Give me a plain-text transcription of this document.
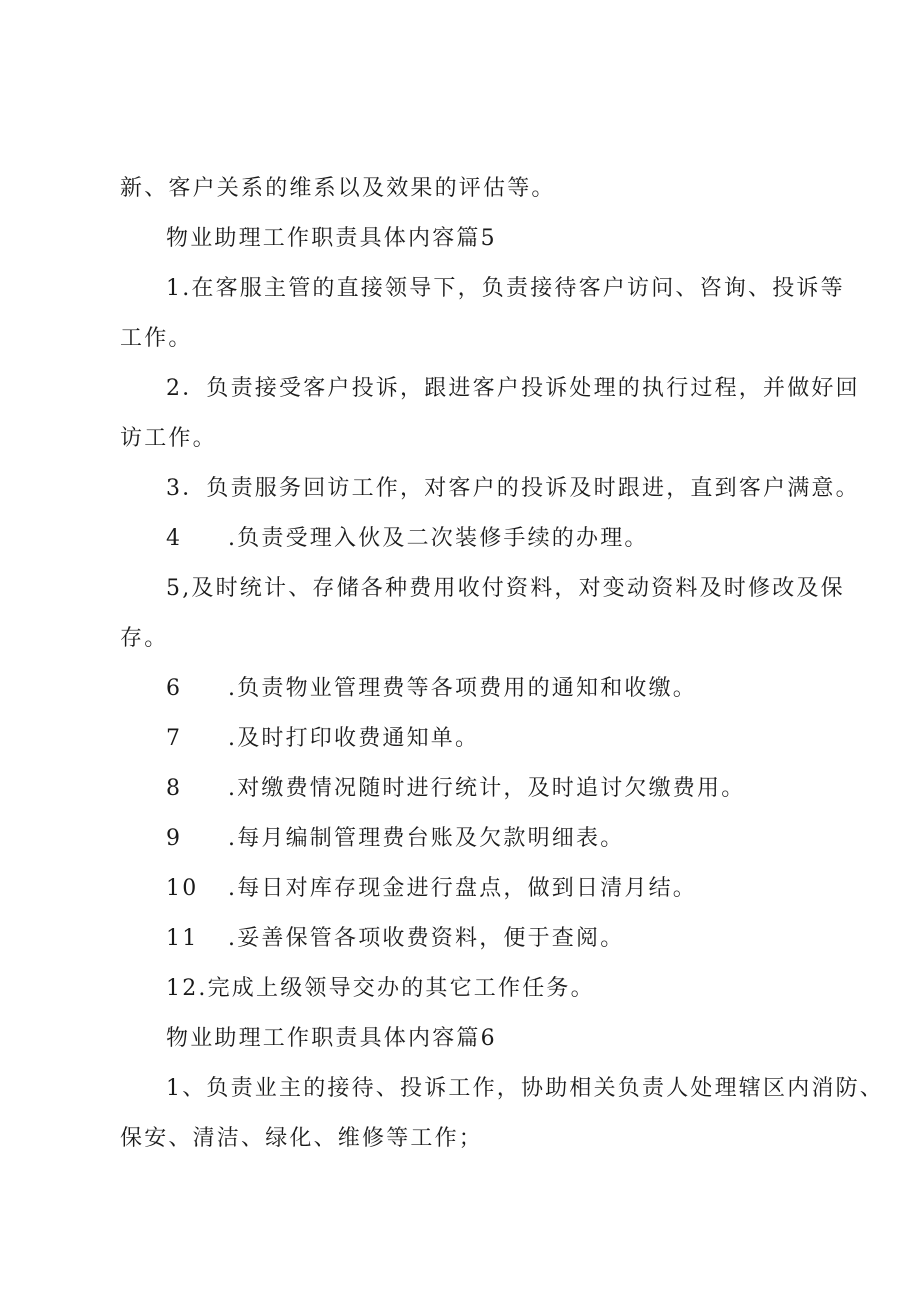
新、客户关系的维系以及效果的评估等。
物业助理工作职责具体内容篇5
1.在客服主管的直接领导下，负责接待客户访问、咨询、投诉等
工作。
2．负责接受客户投诉，跟进客户投诉处理的执行过程，并做好回
访工作。
3．负责服务回访工作，对客户的投诉及时跟进，直到客户满意。
4 .负责受理入伙及二次装修手续的办理。
5,及时统计、存储各种费用收付资料，对变动资料及时修改及保
存。
6 .负责物业管理费等各项费用的通知和收缴。
7 .及时打印收费通知单。
8 .对缴费情况随时进行统计，及时追讨欠缴费用。
9 .每月编制管理费台账及欠款明细表。
10 .每日对库存现金进行盘点，做到日清月结。
11 .妥善保管各项收费资料，便于查阅。
12.完成上级领导交办的其它工作任务。
物业助理工作职责具体内容篇6
1、负责业主的接待、投诉工作，协助相关负责人处理辖区内消防、
保安、清洁、绿化、维修等工作；
